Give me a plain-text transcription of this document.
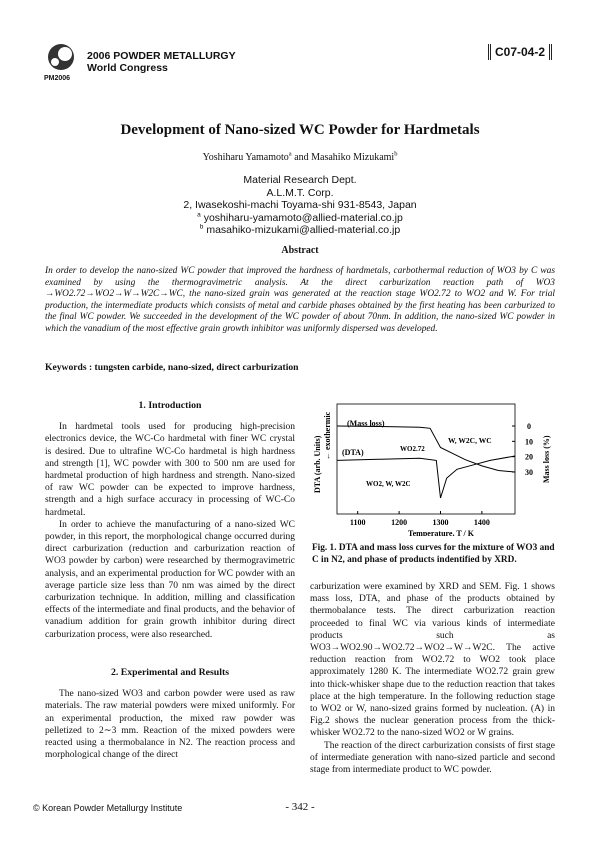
PM2006
2006 POWDER METALLURGY
World Congress
C07-04-2
Development of Nano-sized WC Powder for Hardmetals
Yoshiharu Yamamoto$^a$ and Masahiko Mizukami$^b$
Material Research Dept.
A.L.M.T. Corp.
2, Iwasekoshi-machi Toyama-shi 931-8543, Japan
$^a$ yoshiharu-yamamoto@allied-material.co.jp
$^b$ masahiko-mizukami@allied-material.co.jp
Abstract
In order to develop the nano-sized WC powder that improved the hardness of hardmetals, carbothermal reduction of WO3 by C was examined by using the thermogravimetric analysis. At the direct carburization reaction path of WO3 →WO2.72→WO2→W→W2C→WC, the nano-sized grain was generated at the reaction stage WO2.72 to WO2 and W. For trial production, the intermediate products which consists of metal and carbide phases obtained by the first heating has been carburized to the final WC powder. We succeeded in the development of the WC powder of about 70nm. In addition, the nano-sized WC powder in which the vanadium of the most effective grain growth inhibitor was uniformly dispersed was developed.
Keywords : tungsten carbide, nano-sized, direct carburization
1. Introduction

In hardmetal tools used for producing high-precision electronics device, the WC-Co hardmetal with finer WC crystal is desired. Due to ultrafine WC-Co hardmetal is high hardness and strength [1], WC powder with 300 to 500 nm are used for hardmetal production of high hardness and strength. Nano-sized of raw WC powder can be expected to improve hardness, strength and a high surface accuracy in processing of WC-Co hardmetal.

In order to achieve the manufacturing of a nano-sized WC powder, in this report, the morphological change occurred during direct carburization (reduction and carburization reaction of WO3 powder by carbon) were researched by thermogravimetric analysis, and an experimental production for WC powder with an average particle size less than 70 nm was aimed by the direct carburization technique. In addition, milling and classification effects of the intermediate and final products, and the behavior of vanadium addition for grain growth inhibitor during direct carburization process, were also researched.

2. Experimental and Results

The nano-sized WO3 and carbon powder were used as raw materials. The raw material powders were mixed uniformly. For an experimental production, the mixed raw powder was pelletized to 2∼3 mm. Reaction of the mixed powders were reacted using a thermobalance in N2. The reaction process and morphological change of the direct

DTA (arb. Units) ← exothermic	Mass loss (%)
(Mass loss)
(DTA)	WO2.72
W, W2C, WC
WO2, W, W2C
1100	1200	1300	1400
0
10
20
30
Temperature, T / K
Fig. 1. DTA and mass loss curves for the mixture of WO3 and C in N2, and phase of products indentified by XRD.

carburization were examined by XRD and SEM. Fig. 1 shows mass loss, DTA, and phase of the products obtained by thermobalance tests. The direct carburization reaction proceeded to final WC via various kinds of intermediate products such as WO3→WO2.90→WO2.72→WO2→W→W2C. The active reduction reaction from WO2.72 to WO2 took place approximately 1280 K. The intermediate WO2.72 grain grew into thick-whisker shape due to the reduction reaction that takes place at the high temperature. In the following reduction stage to WO2 or W, nano-sized grains formed by nucleation. (A) in Fig.2 shows the nuclear generation process from the thick-whisker WO2.72 to the nano-sized WO2 or W grains.

The reaction of the direct carburization consists of first stage of intermediate generation with nano-sized particle and second stage from intermediate product to WC powder.

© Korean Powder Metallurgy Institute	- 342 -
